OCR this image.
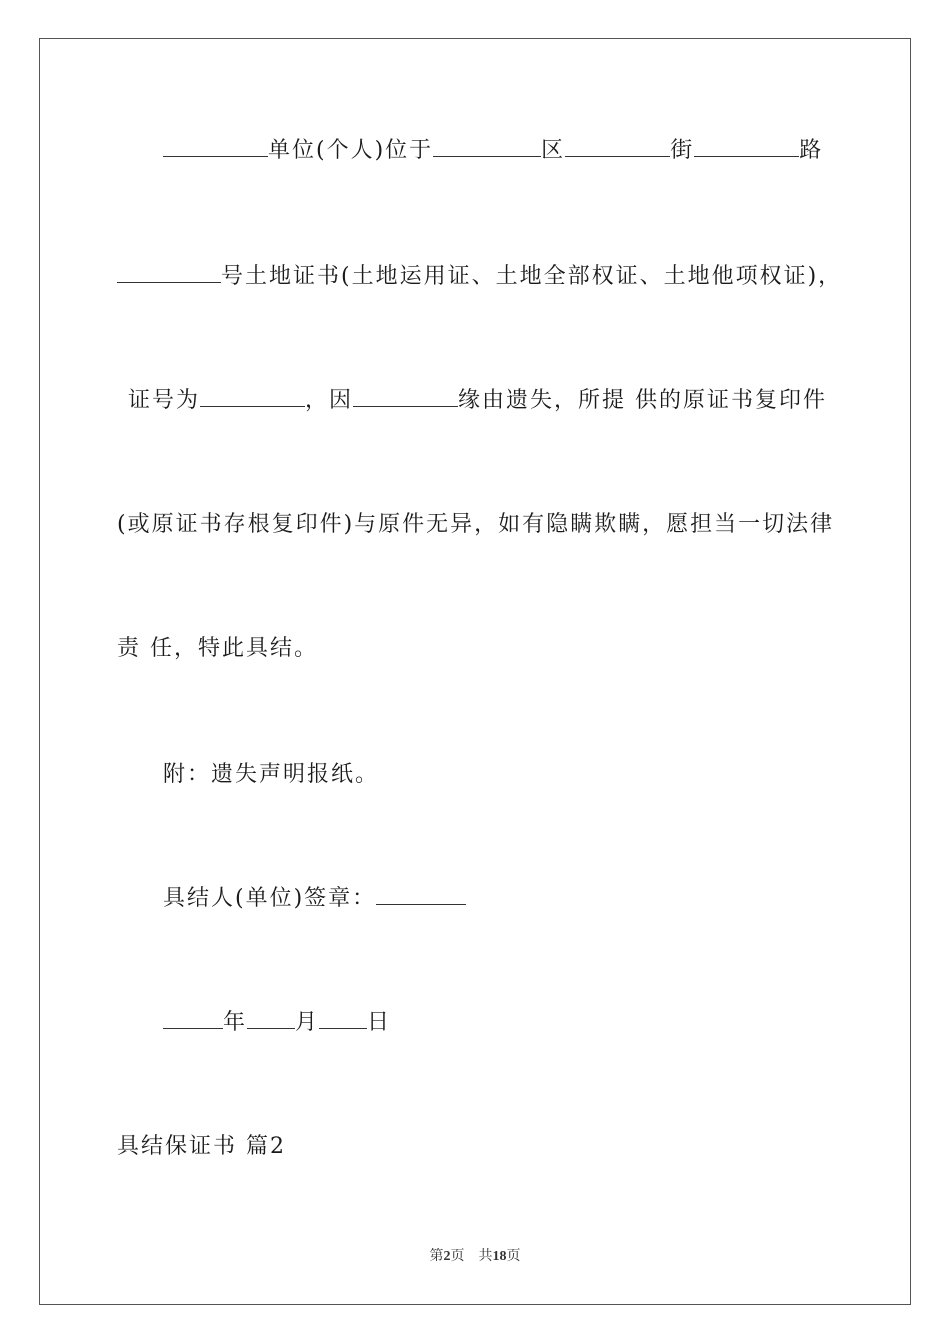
单位(个人)位于	区	街	路
号土地证书(土地运用证、土地全部权证、土地他项权证)，
证号为	，因	缘由遗失，所提 供的原证书复印件
(或原证书存根复印件)与原件无异，如有隐瞒欺瞒，愿担当一切法律
责 任，特此具结。
附：遗失声明报纸。
具结人(单位)签章：
年 月 日
具结保证书 篇2
第2页 共18页
